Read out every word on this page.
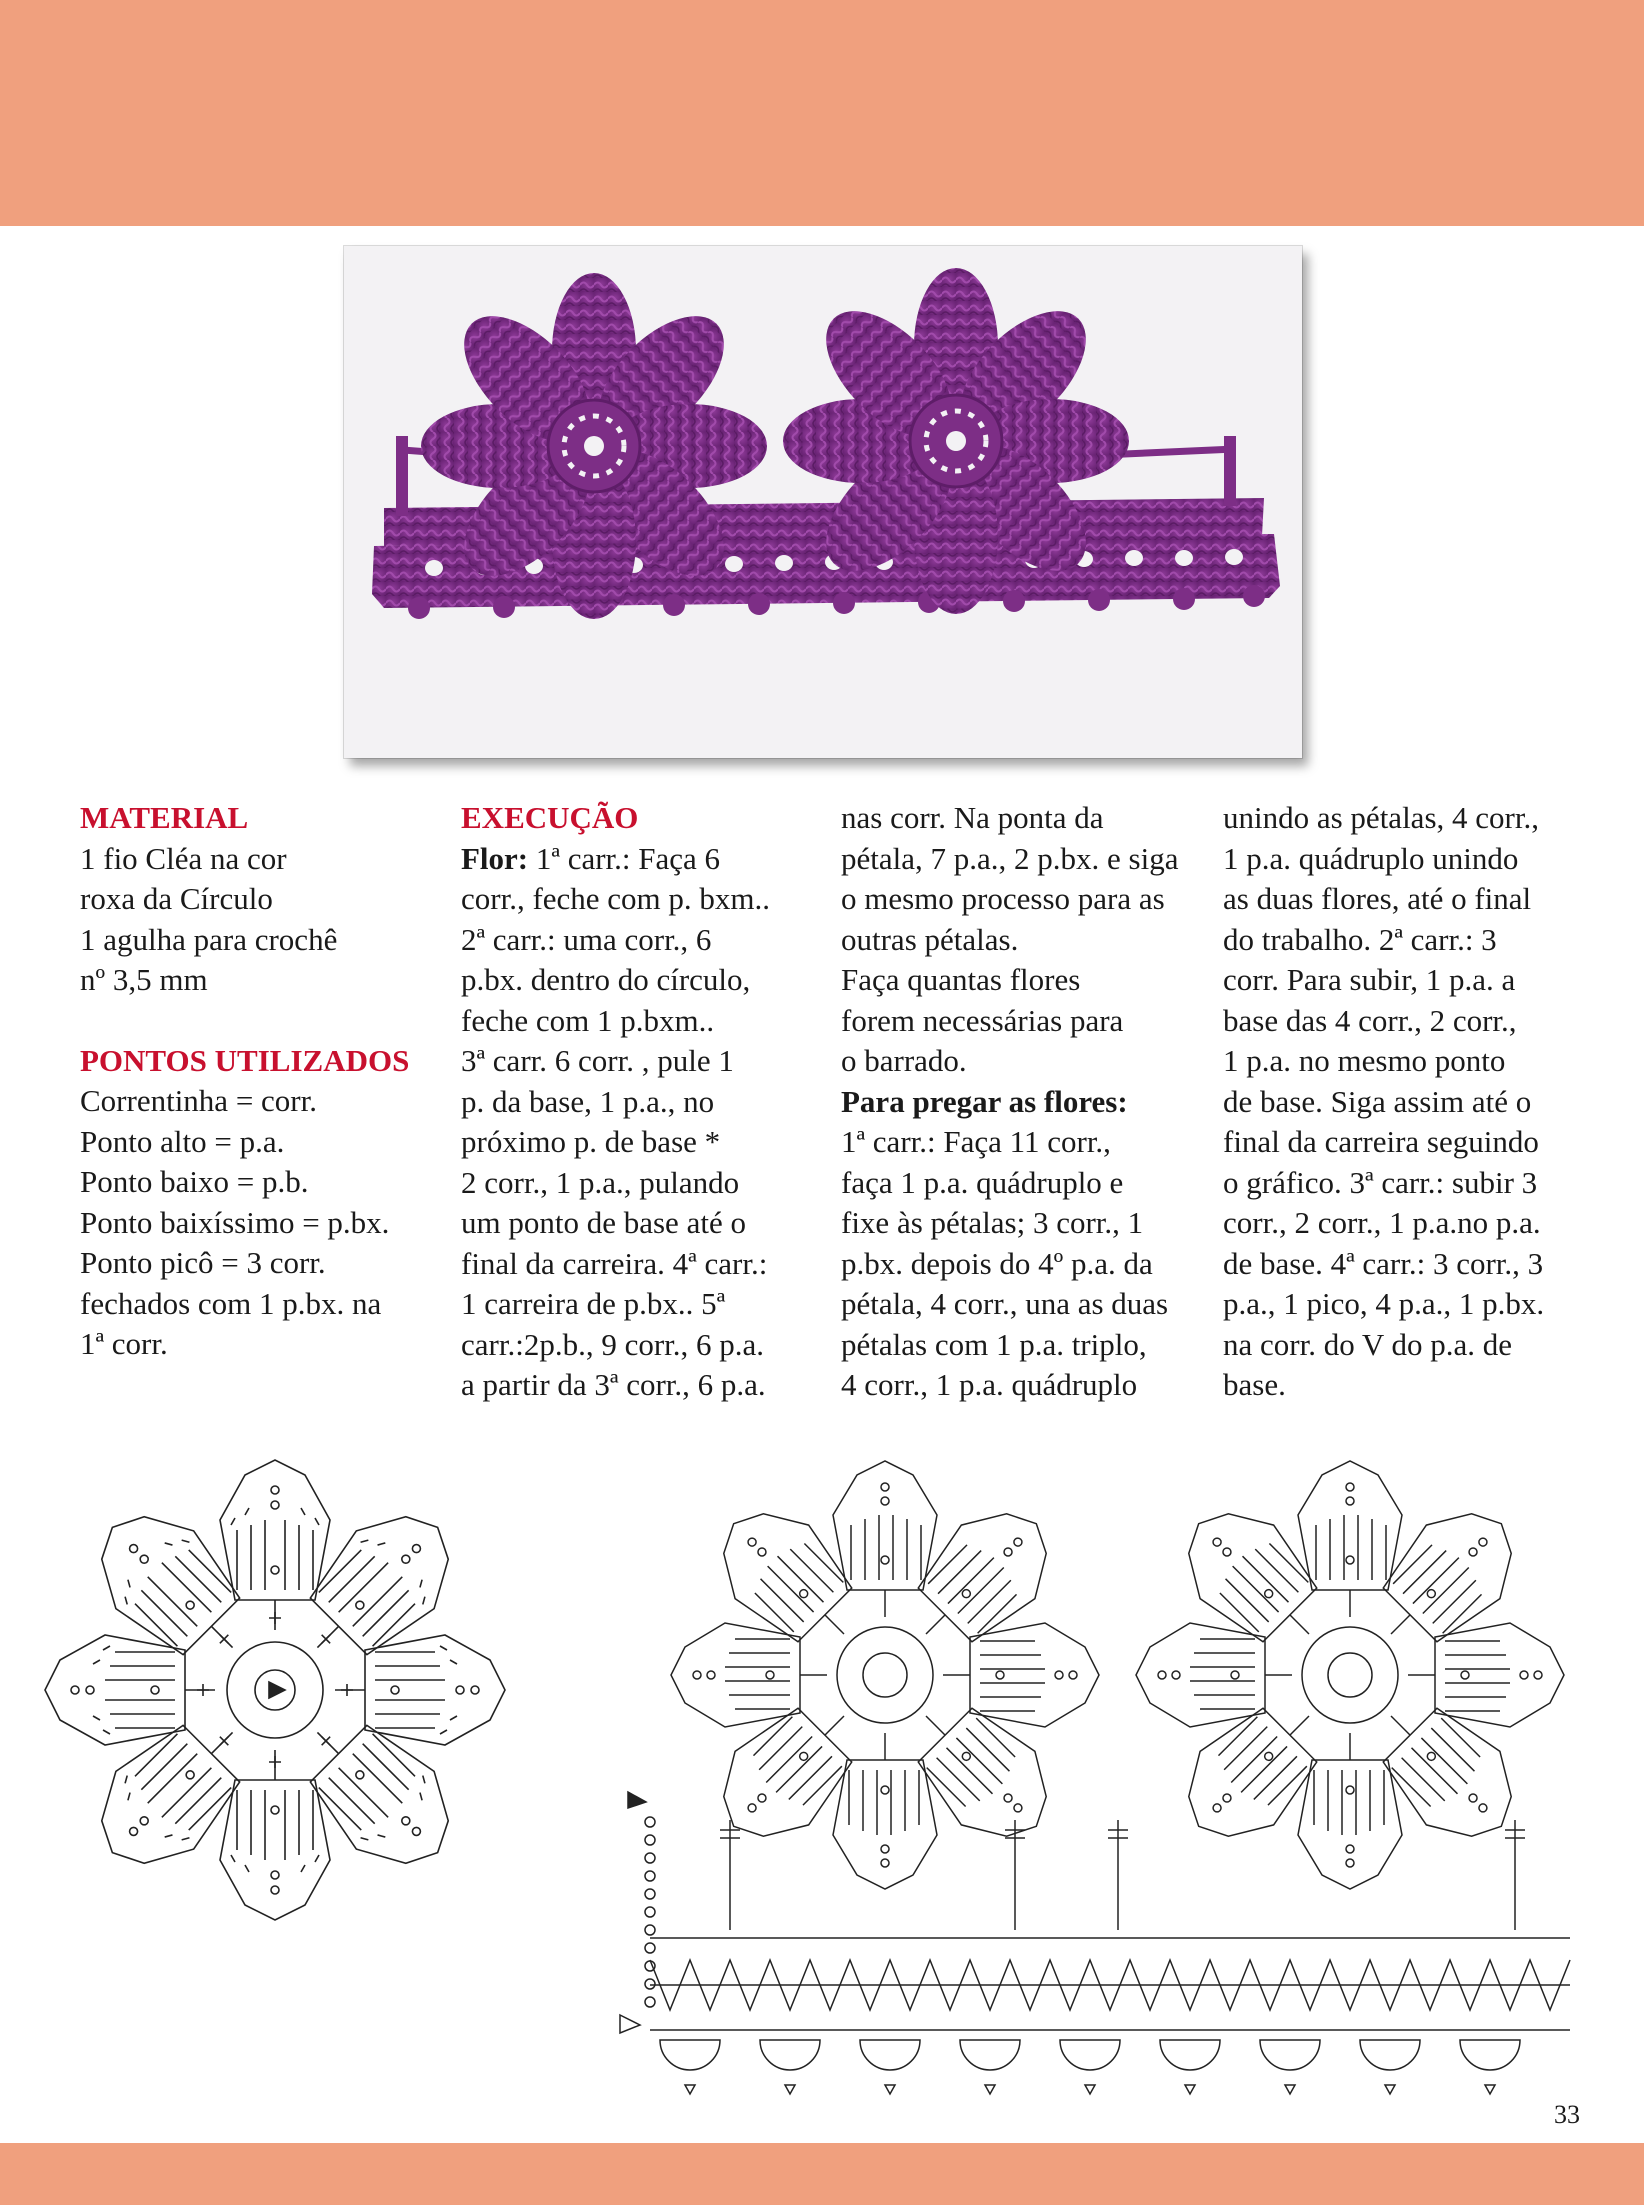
MATERIAL

1 fio Cléa na cor

roxa da Círculo

1 agulha para crochê

nº 3,5 mm

PONTOS UTILIZADOS

Correntinha = corr.

Ponto alto = p.a.

Ponto baixo = p.b.

Ponto baixíssimo = p.bx.

Ponto picô = 3 corr.

fechados com 1 p.bx. na

1ª corr.

EXECUÇÃO

Flor: 1ª carr.: Faça 6

corr., feche com p. bxm..

2ª carr.: uma corr., 6

p.bx. dentro do círculo,

feche com 1 p.bxm..

3ª carr. 6 corr. , pule 1

p. da base, 1 p.a., no

próximo p. de base *

2 corr., 1 p.a., pulando

um ponto de base até o

final da carreira. 4ª carr.:

1 carreira de p.bx.. 5ª

carr.:2p.b., 9 corr., 6 p.a.

a partir da 3ª corr., 6 p.a.

nas corr. Na ponta da

pétala, 7 p.a., 2 p.bx. e siga

o mesmo processo para as

outras pétalas.

Faça quantas flores

forem necessárias para

o barrado.

Para pregar as flores:

1ª carr.: Faça 11 corr.,

faça 1 p.a. quádruplo e

fixe às pétalas; 3 corr., 1

p.bx. depois do 4º p.a. da

pétala, 4 corr., una as duas

pétalas com 1 p.a. triplo,

4 corr., 1 p.a. quádruplo

unindo as pétalas, 4 corr.,

1 p.a. quádruplo unindo

as duas flores, até o final

do trabalho. 2ª carr.: 3

corr. Para subir, 1 p.a. a

base das 4 corr., 2 corr.,

1 p.a. no mesmo ponto

de base. Siga assim até o

final da carreira seguindo

o gráfico. 3ª carr.: subir 3

corr., 2 corr., 1 p.a.no p.a.

de base. 4ª carr.: 3 corr., 3

p.a., 1 pico, 4 p.a., 1 p.bx.

na corr. do V do p.a. de

base.

33
